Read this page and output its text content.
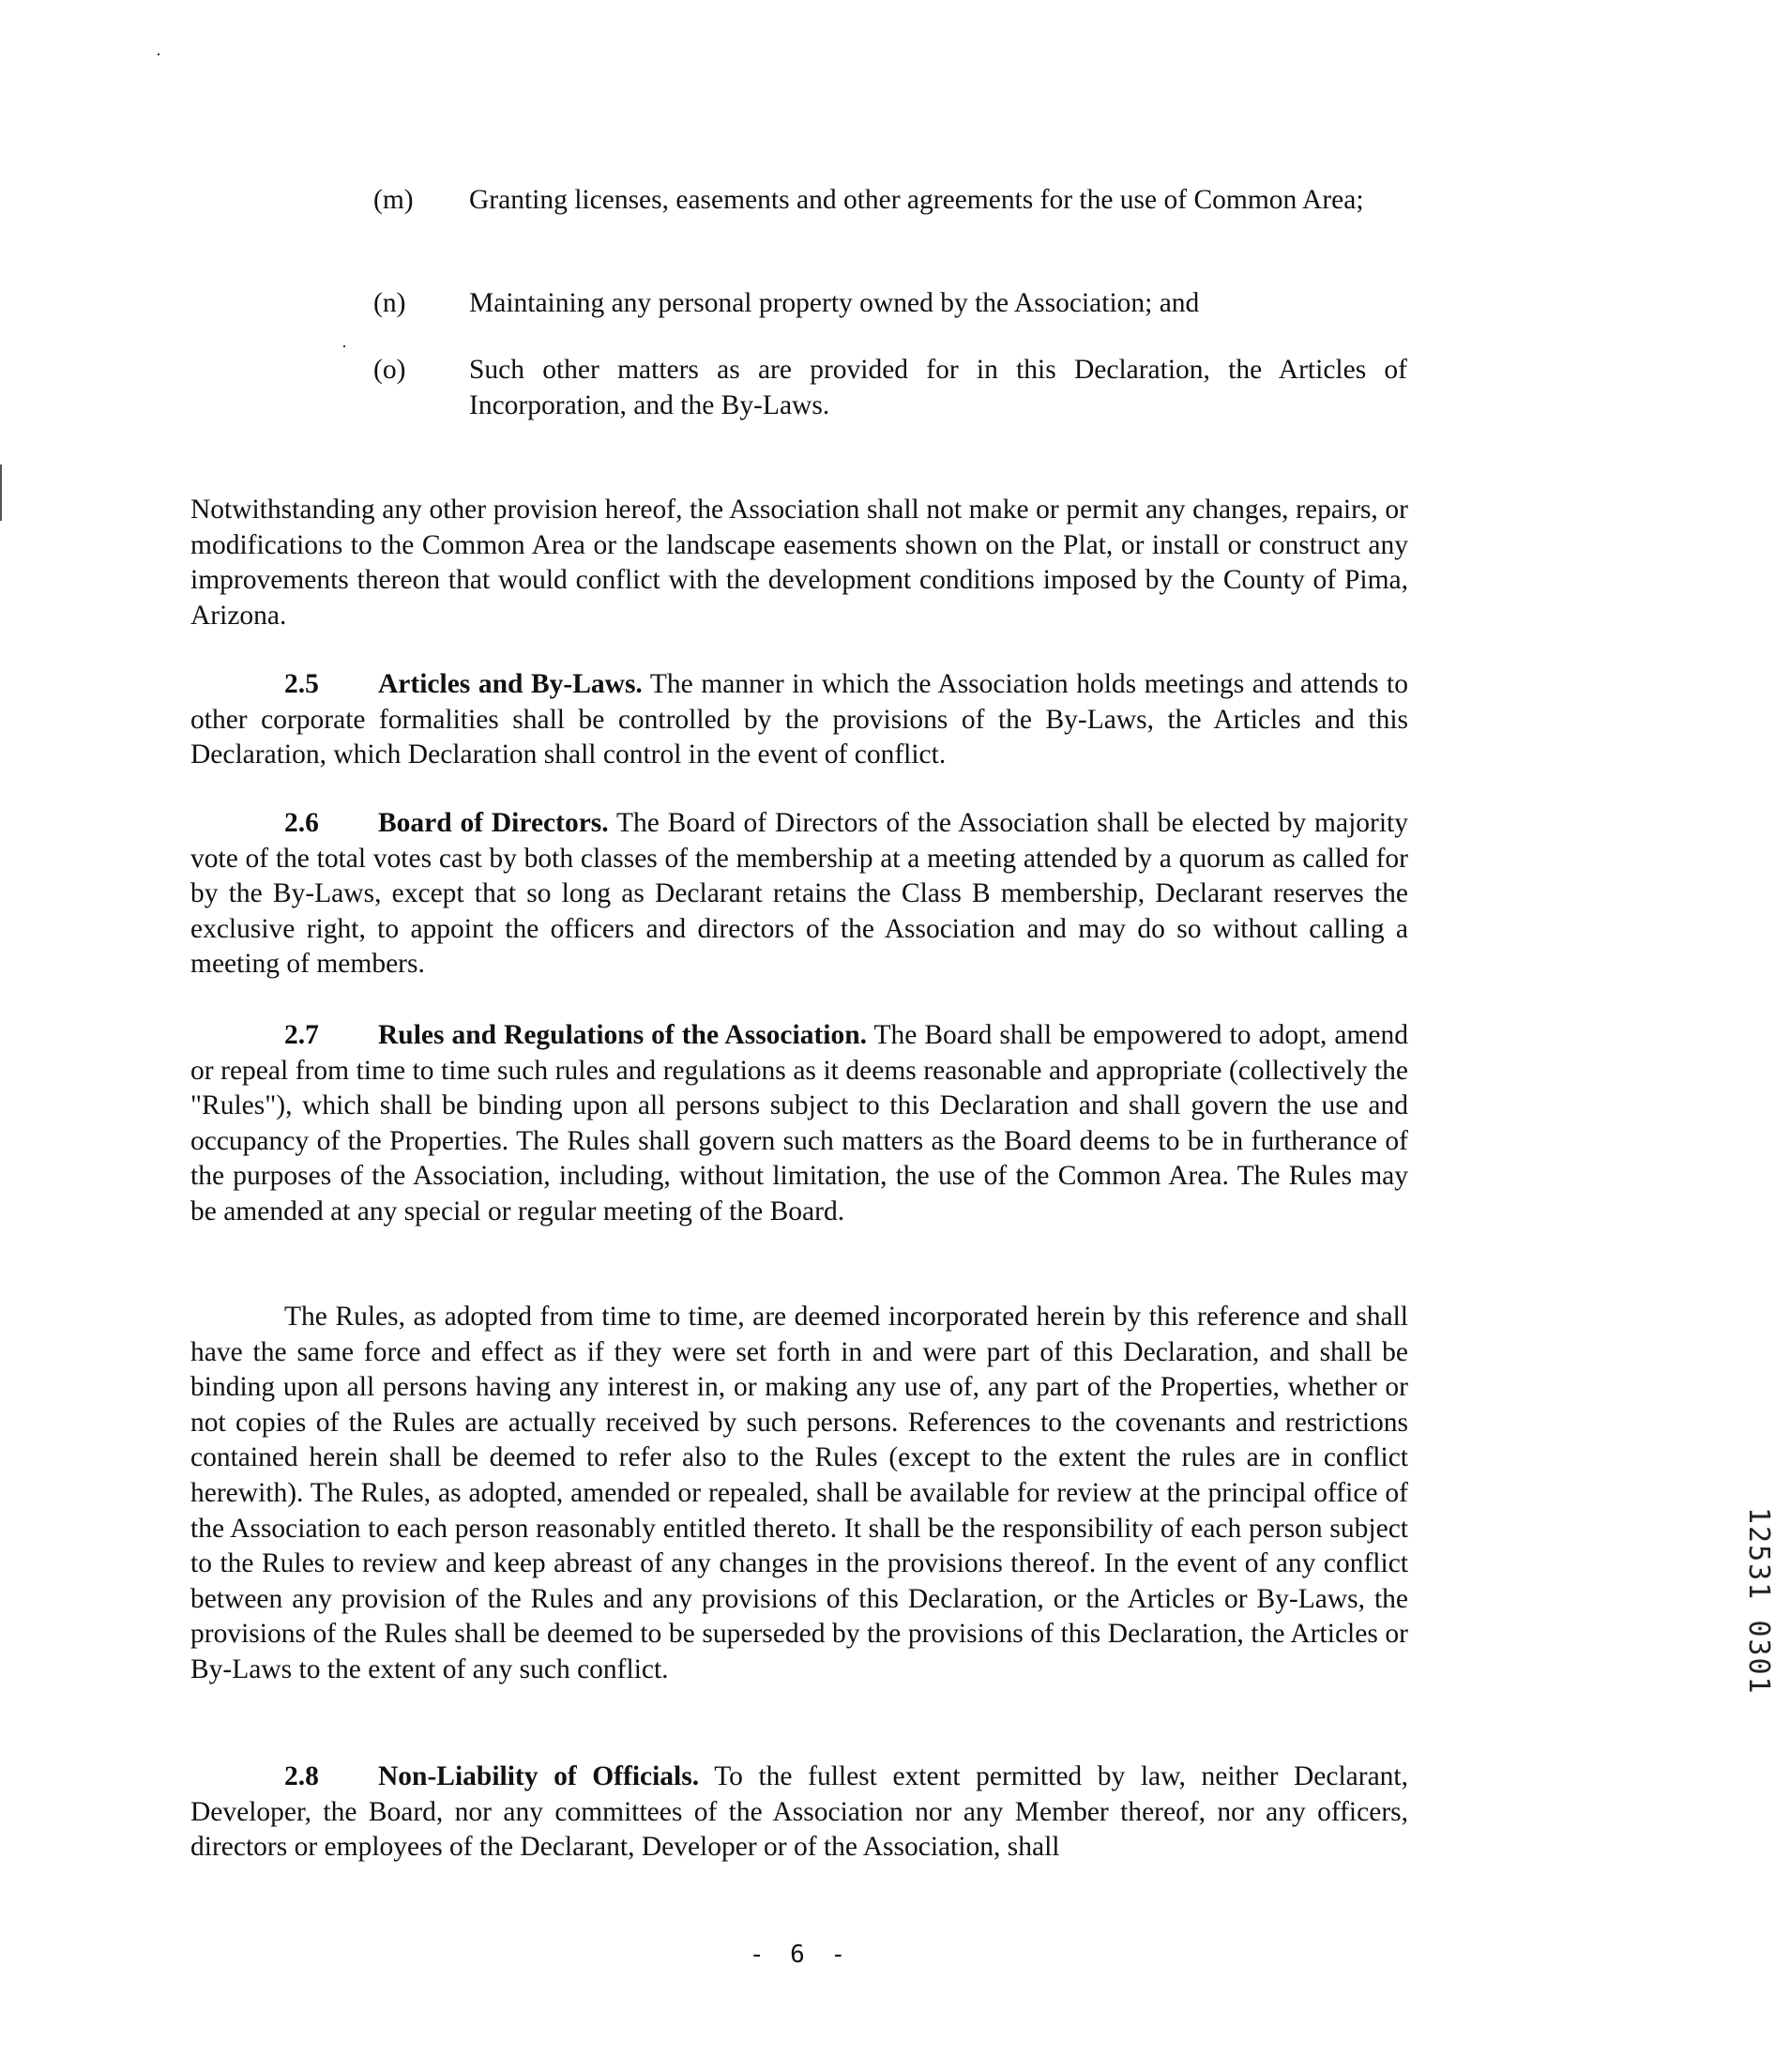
(m) Granting licenses, easements and other agreements for the use of Common Area;
(n) Maintaining any personal property owned by the Association; and
(o) Such other matters as are provided for in this Declaration, the Articles of Incorporation, and the By-Laws.
Notwithstanding any other provision hereof, the Association shall not make or permit any changes, repairs, or modifications to the Common Area or the landscape easements shown on the Plat, or install or construct any improvements thereon that would conflict with the development conditions imposed by the County of Pima, Arizona.
2.5 Articles and By-Laws. The manner in which the Association holds meetings and attends to other corporate formalities shall be controlled by the provisions of the By-Laws, the Articles and this Declaration, which Declaration shall control in the event of conflict.
2.6 Board of Directors. The Board of Directors of the Association shall be elected by majority vote of the total votes cast by both classes of the membership at a meeting attended by a quorum as called for by the By-Laws, except that so long as Declarant retains the Class B membership, Declarant reserves the exclusive right, to appoint the officers and directors of the Association and may do so without calling a meeting of members.
2.7 Rules and Regulations of the Association. The Board shall be empowered to adopt, amend or repeal from time to time such rules and regulations as it deems reasonable and appropriate (collectively the "Rules"), which shall be binding upon all persons subject to this Declaration and shall govern the use and occupancy of the Properties. The Rules shall govern such matters as the Board deems to be in furtherance of the purposes of the Association, including, without limitation, the use of the Common Area. The Rules may be amended at any special or regular meeting of the Board.
The Rules, as adopted from time to time, are deemed incorporated herein by this reference and shall have the same force and effect as if they were set forth in and were part of this Declaration, and shall be binding upon all persons having any interest in, or making any use of, any part of the Properties, whether or not copies of the Rules are actually received by such persons. References to the covenants and restrictions contained herein shall be deemed to refer also to the Rules (except to the extent the rules are in conflict herewith). The Rules, as adopted, amended or repealed, shall be available for review at the principal office of the Association to each person reasonably entitled thereto. It shall be the responsibility of each person subject to the Rules to review and keep abreast of any changes in the provisions thereof. In the event of any conflict between any provision of the Rules and any provisions of this Declaration, or the Articles or By-Laws, the provisions of the Rules shall be deemed to be superseded by the provisions of this Declaration, the Articles or By-Laws to the extent of any such conflict.
2.8 Non-Liability of Officials. To the fullest extent permitted by law, neither Declarant, Developer, the Board, nor any committees of the Association nor any Member thereof, nor any officers, directors or employees of the Declarant, Developer or of the Association, shall
- 6 -
12531 0301
